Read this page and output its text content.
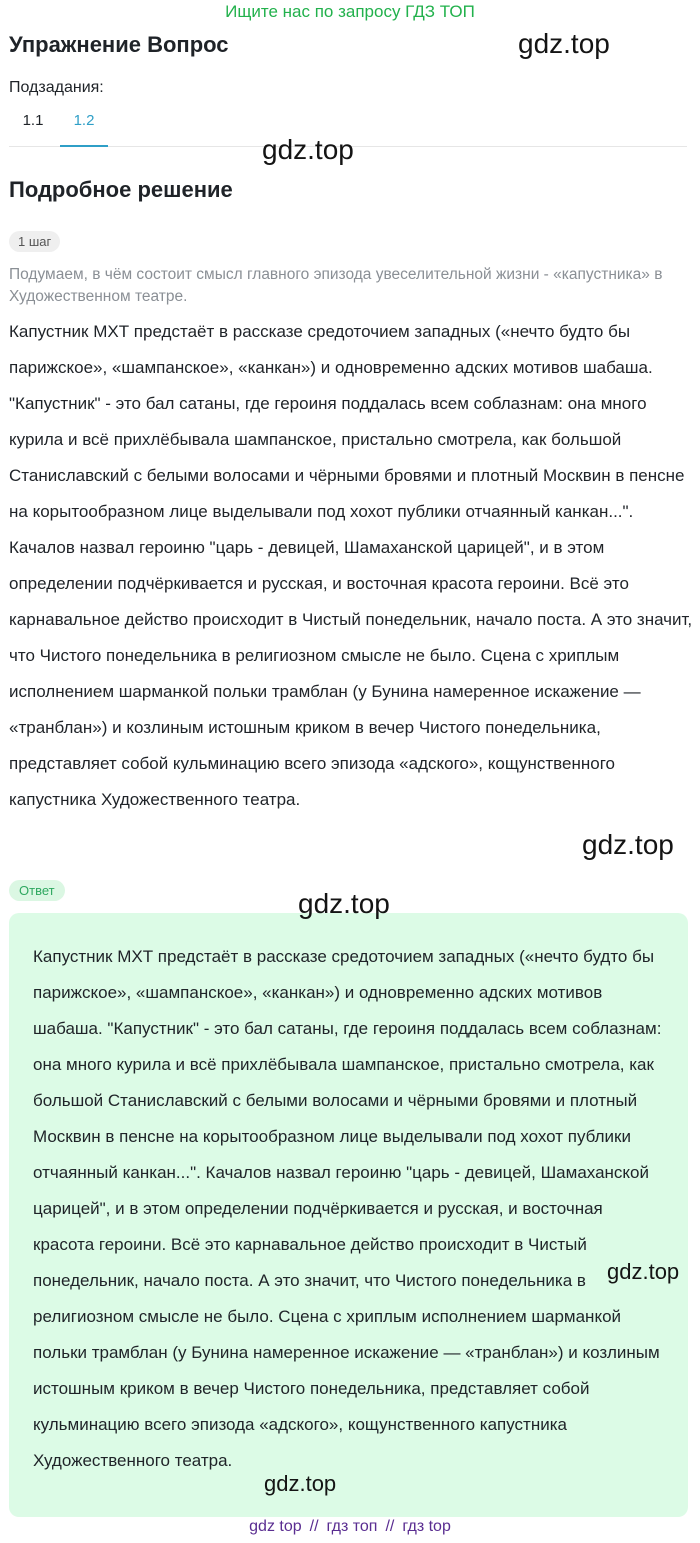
Ищите нас по запросу ГДЗ ТОП
Упражнение Вопрос
Подзадания:
1.1	1.2
Подробное решение
1 шаг
Подумаем, в чём состоит смысл главного эпизода увеселительной жизни - «капустника» в Художественном театре.
Капустник МХТ предстаёт в рассказе средоточием западных («нечто будто бы парижское», «шампанское», «канкан») и одновременно адских мотивов шабаша. "Капустник" - это бал сатаны, где героиня поддалась всем соблазнам: она много курила и всё прихлёбывала шампанское, пристально смотрела, как большой Станиславский с белыми волосами и чёрными бровями и плотный Москвин в пенсне на корытообразном лице выделывали под хохот публики отчаянный канкан...". Качалов назвал героиню "царь - девицей, Шамаханской царицей", и в этом определении подчёркивается и русская, и восточная красота героини. Всё это карнавальное действо происходит в Чистый понедельник, начало поста. А это значит, что Чистого понедельника в религиозном смысле не было. Сцена с хриплым исполнением шарманкой польки трамблан (у Бунина намеренное искажение — «транблан») и козлиным истошным криком в вечер Чистого понедельника, представляет собой кульминацию всего эпизода «адского», кощунственного капустника Художественного театра.
Ответ
Капустник МХТ предстаёт в рассказе средоточием западных («нечто будто бы парижское», «шампанское», «канкан») и одновременно адских мотивов шабаша. "Капустник" - это бал сатаны, где героиня поддалась всем соблазнам: она много курила и всё прихлёбывала шампанское, пристально смотрела, как большой Станиславский с белыми волосами и чёрными бровями и плотный Москвин в пенсне на корытообразном лице выделывали под хохот публики отчаянный канкан...". Качалов назвал героиню "царь - девицей, Шамаханской царицей", и в этом определении подчёркивается и русская, и восточная красота героини. Всё это карнавальное действо происходит в Чистый понедельник, начало поста. А это значит, что Чистого понедельника в религиозном смысле не было. Сцена с хриплым исполнением шарманкой польки трамблан (у Бунина намеренное искажение — «транблан») и козлиным истошным криком в вечер Чистого понедельника, представляет собой кульминацию всего эпизода «адского», кощунственного капустника Художественного театра.
gdz.top
gdz.top
gdz.top
gdz.top
gdz.top
gdz.top
gdz top // гдз топ // гдз top
